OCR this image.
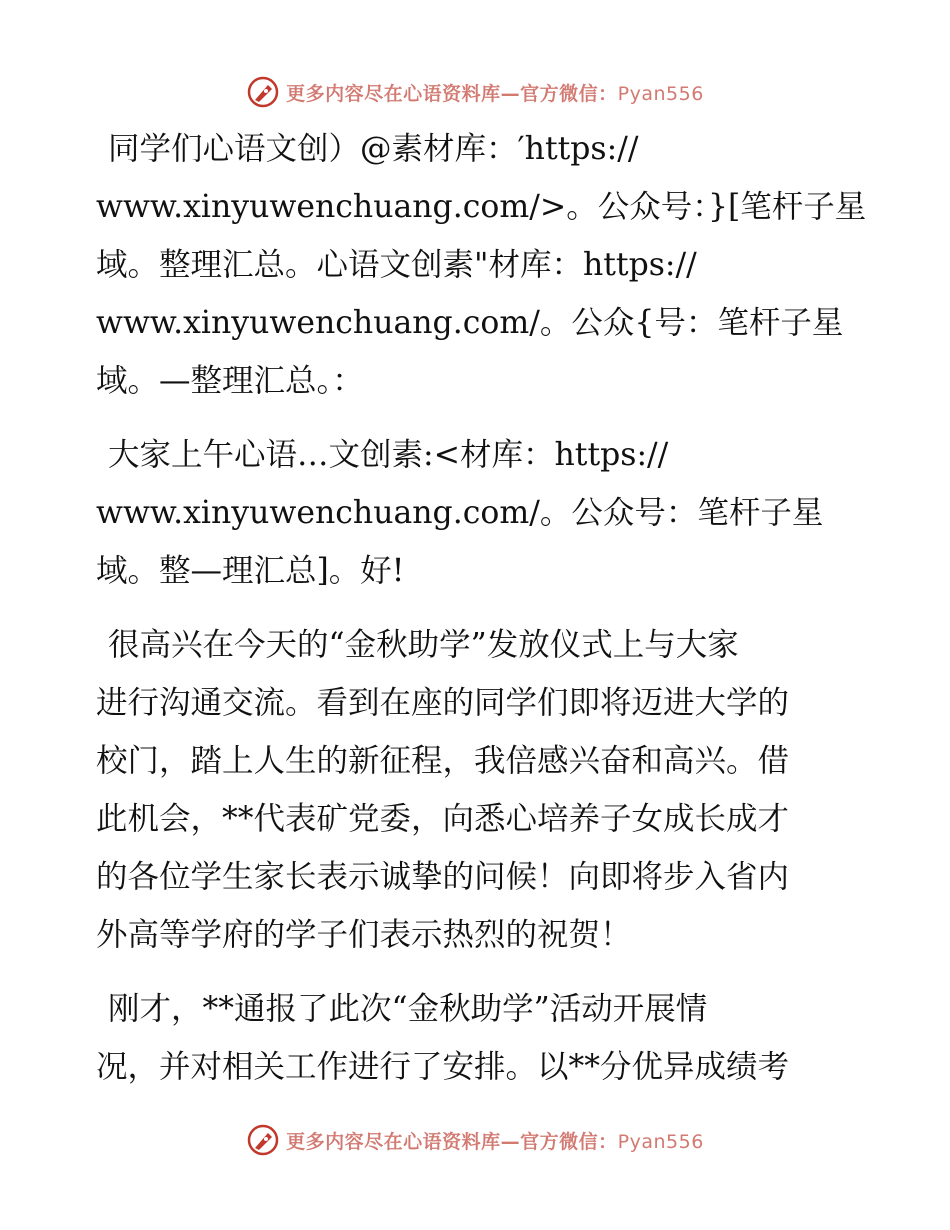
更多内容尽在心语资料库—官方微信：Pyan556

同学们心语文创）@素材库：′https://
www.xinyuwenchuang.com/>。公众号：}[笔杆子星
域。整理汇总。心语文创素"材库：https://
www.xinyuwenchuang.com/。公众{号：笔杆子星
域。—整理汇总。：

大家上午心语…文创素:<材库：https://
www.xinyuwenchuang.com/。公众号：笔杆子星
域。整—理汇总]。好!

很高兴在今天的“金秋助学”发放仪式上与大家
进行沟通交流。看到在座的同学们即将迈进大学的
校门，踏上人生的新征程，我倍感兴奋和高兴。借
此机会，**代表矿党委，向悉心培养子女成长成才
的各位学生家长表示诚挚的问候！向即将步入省内
外高等学府的学子们表示热烈的祝贺！

刚才，**通报了此次“金秋助学”活动开展情
况，并对相关工作进行了安排。以**分优异成绩考

更多内容尽在心语资料库—官方微信：Pyan556
